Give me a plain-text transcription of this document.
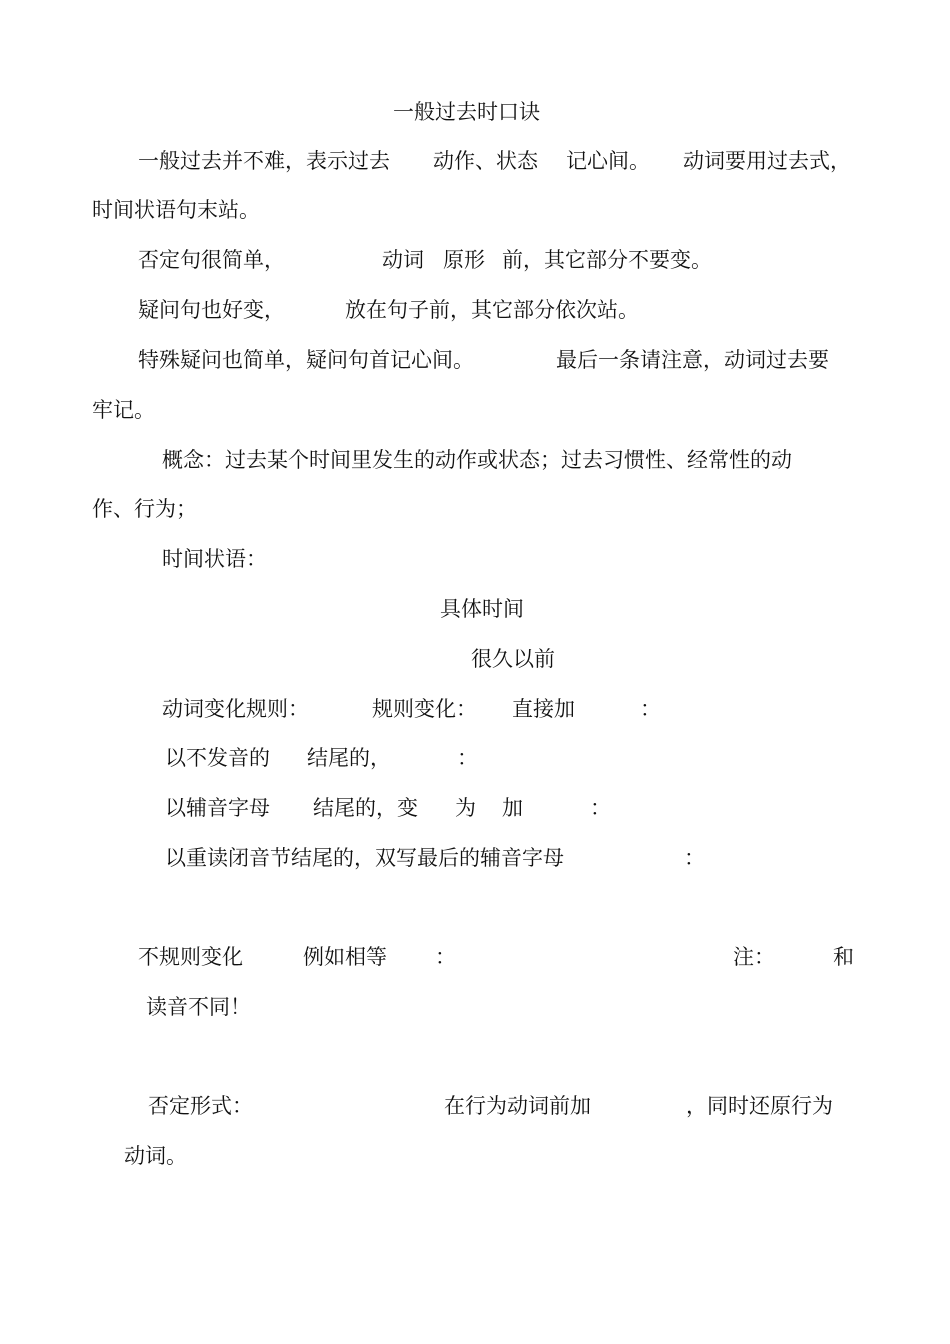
一般过去时口诀
一般过去并不难，表示过去 动作、状态 记心间。 动词要用过去式，
时间状语句末站。
否定句很简单，	动词 原形 前，其它部分不要变。
疑问句也好变，	放在句子前，其它部分依次站。
特殊疑问也简单，疑问句首记心间。	最后一条请注意，动词过去要
牢记。
概念：过去某个时间里发生的动作或状态；过去习惯性、经常性的动
作、行为；
时间状语：
具体时间
很久以前
动词变化规则：	规则变化： 直接加	：
以不发音的 结尾的，	：
以辅音字母 结尾的，变 为 加	：
以重读闭音节结尾的，双写最后的辅音字母	：
不规则变化	例如相等 ：	注：	和
读音不同！
否定形式：	在行为动词前加	，同时还原行为
动词。
